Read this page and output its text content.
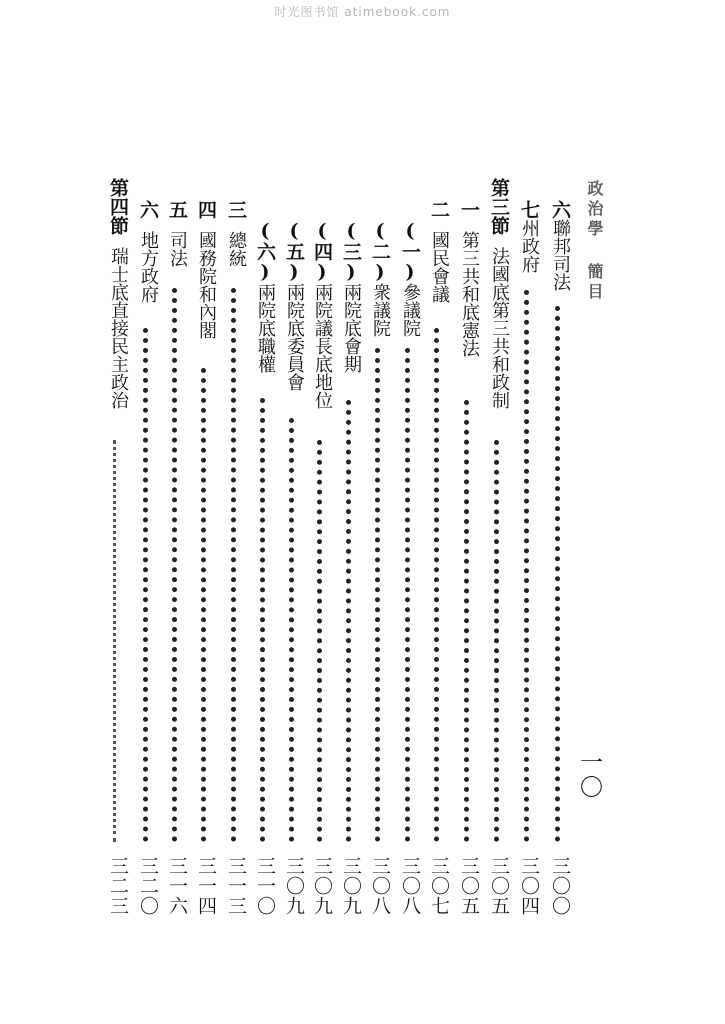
时光图书馆 atimebook.com
政治學 簡目
一〇
六聯邦司法
三〇〇
七州政府
三〇四
第三節法國底第三共和政制
三〇五
一第三共和底憲法
三〇五
二國民會議
三〇七
(一)參議院
三〇八
(二)衆議院
三〇八
(三)兩院底會期
三〇九
(四)兩院議長底地位
三〇九
(五)兩院底委員會
三〇九
(六)兩院底職權
三一〇
三總統
三一三
四國務院和內閣
三一四
五司法
三一六
六地方政府
三二〇
第四節瑞士底直接民主政治
三二三
